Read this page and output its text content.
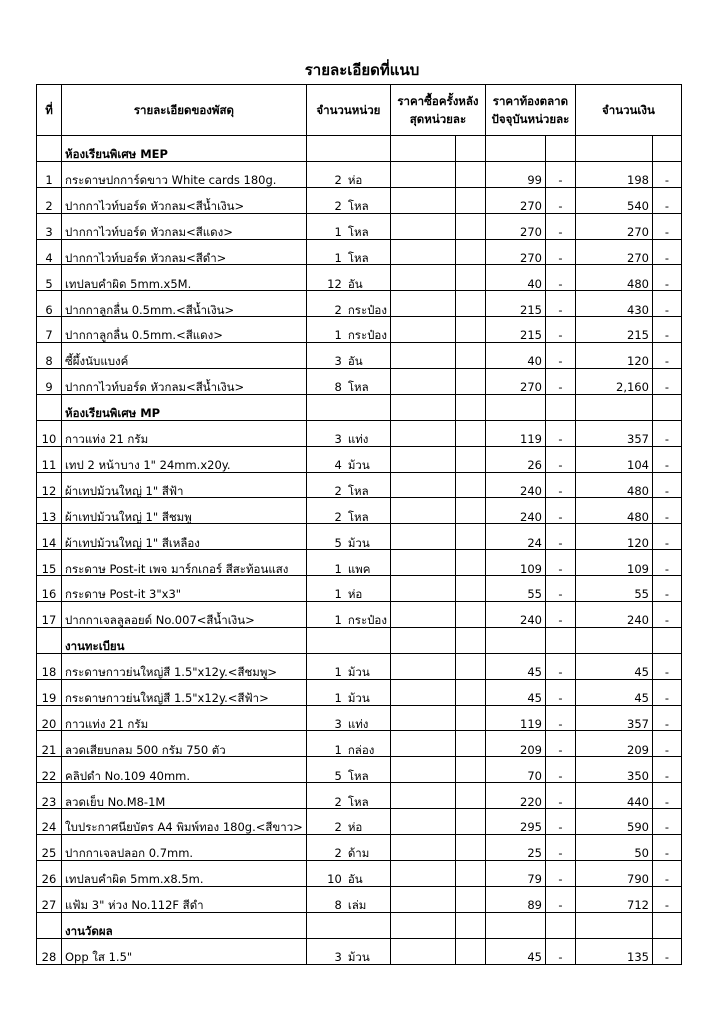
รายละเอียดที่แนบ
ที่	รายละเอียดของพัสดุ	จำนวนหน่วย	ราคาซื้อครั้งหลังสุดหน่วยละ		ราคาท้องตลาดปัจจุบันหน่วยละ		จำนวนเงิน	
	ห้องเรียนพิเศษ MEP							
1	กระดาษปกการ์ดขาว White cards 180g.	2 ห่อ			99	-	198	-
2	ปากกาไวท์บอร์ด หัวกลม<สีน้ำเงิน>	2 โหล			270	-	540	-
3	ปากกาไวท์บอร์ด หัวกลม<สีแดง>	1 โหล			270	-	270	-
4	ปากกาไวท์บอร์ด หัวกลม<สีดำ>	1 โหล			270	-	270	-
5	เทปลบคำผิด 5mm.x5M.	12 อัน			40	-	480	-
6	ปากกาลูกลื่น 0.5mm.<สีน้ำเงิน>	2 กระป๋อง			215	-	430	-
7	ปากกาลูกลื่น 0.5mm.<สีแดง>	1 กระป๋อง			215	-	215	-
8	ซี้ผึ้งนับแบงค์	3 อัน			40	-	120	-
9	ปากกาไวท์บอร์ด หัวกลม<สีน้ำเงิน>	8 โหล			270	-	2,160	-
	ห้องเรียนพิเศษ MP							
10	กาวแท่ง 21 กรัม	3 แท่ง			119	-	357	-
11	เทป 2 หน้าบาง 1" 24mm.x20y.	4 ม้วน			26	-	104	-
12	ผ้าเทปม้วนใหญ่ 1" สีฟ้า	2 โหล			240	-	480	-
13	ผ้าเทปม้วนใหญ่ 1" สีชมพู	2 โหล			240	-	480	-
14	ผ้าเทปม้วนใหญ่ 1" สีเหลือง	5 ม้วน			24	-	120	-
15	กระดาษ Post-it เพจ มาร์กเกอร์ สีสะท้อนแสง	1 แพค			109	-	109	-
16	กระดาษ Post-it 3"x3"	1 ห่อ			55	-	55	-
17	ปากกาเจลลูลอยด์ No.007<สีน้ำเงิน>	1 กระป๋อง			240	-	240	-
	งานทะเบียน							
18	กระดาษกาวย่นใหญ่สี 1.5"x12y.<สีชมพู>	1 ม้วน			45	-	45	-
19	กระดาษกาวย่นใหญ่สี 1.5"x12y.<สีฟ้า>	1 ม้วน			45	-	45	-
20	กาวแท่ง 21 กรัม	3 แท่ง			119	-	357	-
21	ลวดเสียบกลม 500 กรัม 750 ตัว	1 กล่อง			209	-	209	-
22	คลิปดำ No.109 40mm.	5 โหล			70	-	350	-
23	ลวดเย็บ No.M8-1M	2 โหล			220	-	440	-
24	ใบประกาศนียบัตร A4 พิมพ์ทอง 180g.<สีขาว>	2 ห่อ			295	-	590	-
25	ปากกาเจลปลอก 0.7mm.	2 ด้าม			25	-	50	-
26	เทปลบคำผิด 5mm.x8.5m.	10 อัน			79	-	790	-
27	แฟ้ม 3" ห่วง No.112F สีดำ	8 เล่ม			89	-	712	-
	งานวัดผล							
28	Opp ใส 1.5"	3 ม้วน			45	-	135	-
